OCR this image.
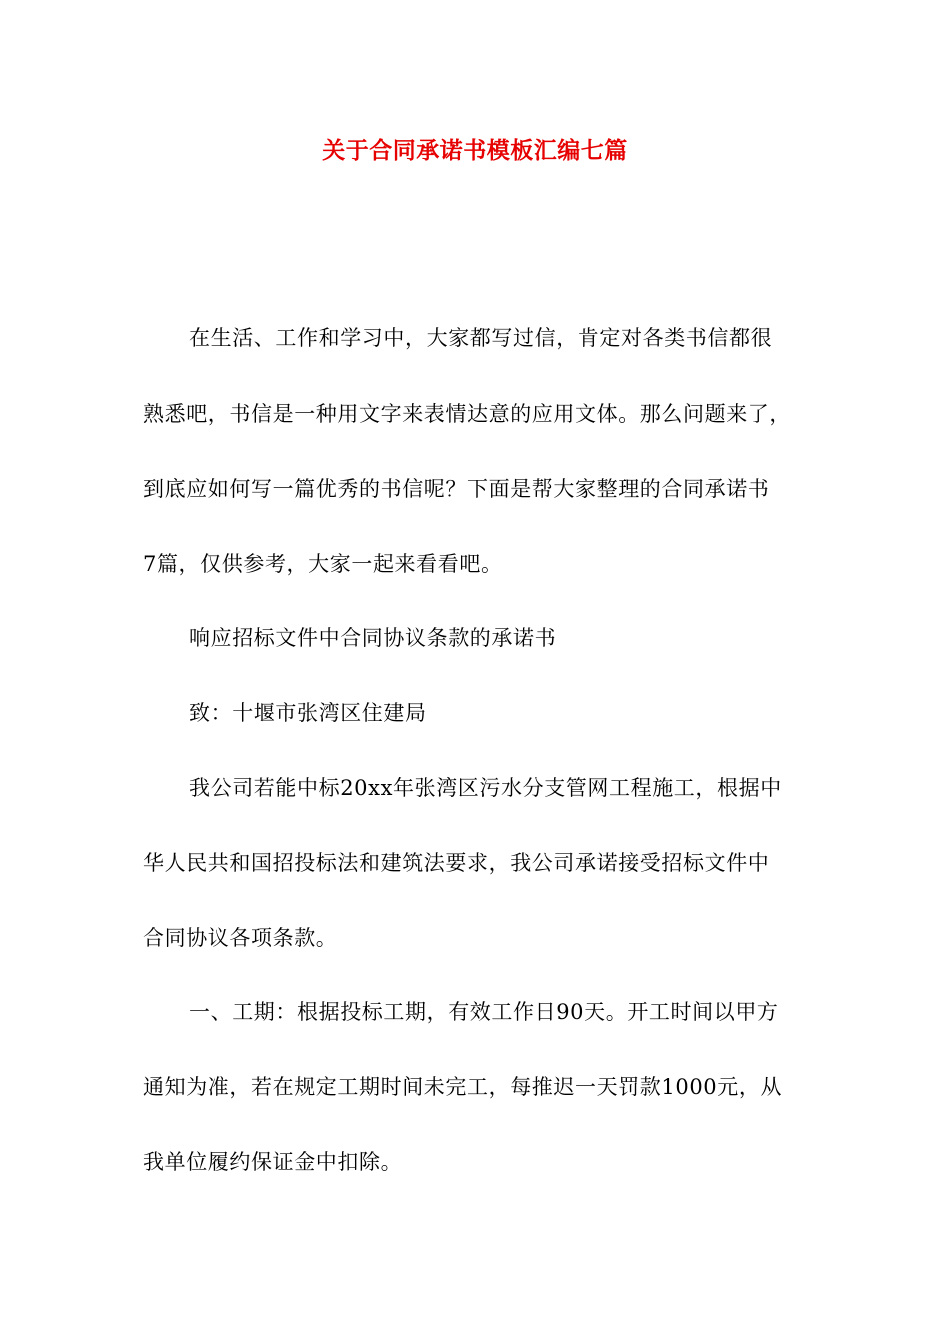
关于合同承诺书模板汇编七篇
在生活、工作和学习中，大家都写过信，肯定对各类书信都很
熟悉吧，书信是一种用文字来表情达意的应用文体。那么问题来了，
到底应如何写一篇优秀的书信呢？下面是帮大家整理的合同承诺书
7篇，仅供参考，大家一起来看看吧。
响应招标文件中合同协议条款的承诺书
致：十堰市张湾区住建局
我公司若能中标20xx年张湾区污水分支管网工程施工，根据中
华人民共和国招投标法和建筑法要求，我公司承诺接受招标文件中
合同协议各项条款。
一、工期：根据投标工期，有效工作日90天。开工时间以甲方
通知为准，若在规定工期时间未完工，每推迟一天罚款1000元，从
我单位履约保证金中扣除。
